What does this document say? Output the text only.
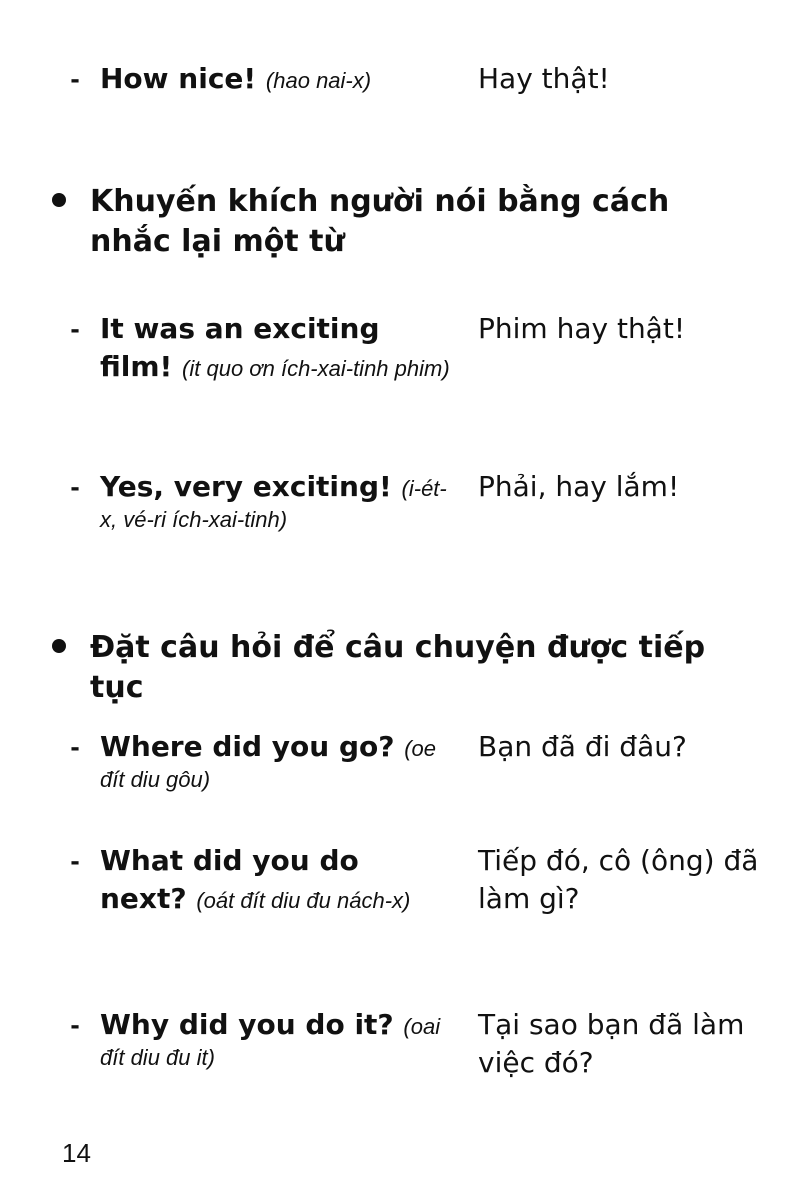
- How nice! (hao nai-x)	Hay thật!
Khuyến khích người nói bằng cách nhắc lại một từ
- It was an exciting film! (it quo ơn ích-xai-tinh phim)
Phim hay thật!
- Yes, very exciting! (i-ét-x, vé-ri ích-xai-tinh)
Phải, hay lắm!
Đặt câu hỏi để câu chuyện được tiếp tục
- Where did you go? (oe đít diu gôu)
Bạn đã đi đâu?
- What did you do next? (oát đít diu đu nách-x)
Tiếp đó, cô (ông) đã làm gì?
- Why did you do it? (oai đít diu đu it)
Tại sao bạn đã làm việc đó?
14
